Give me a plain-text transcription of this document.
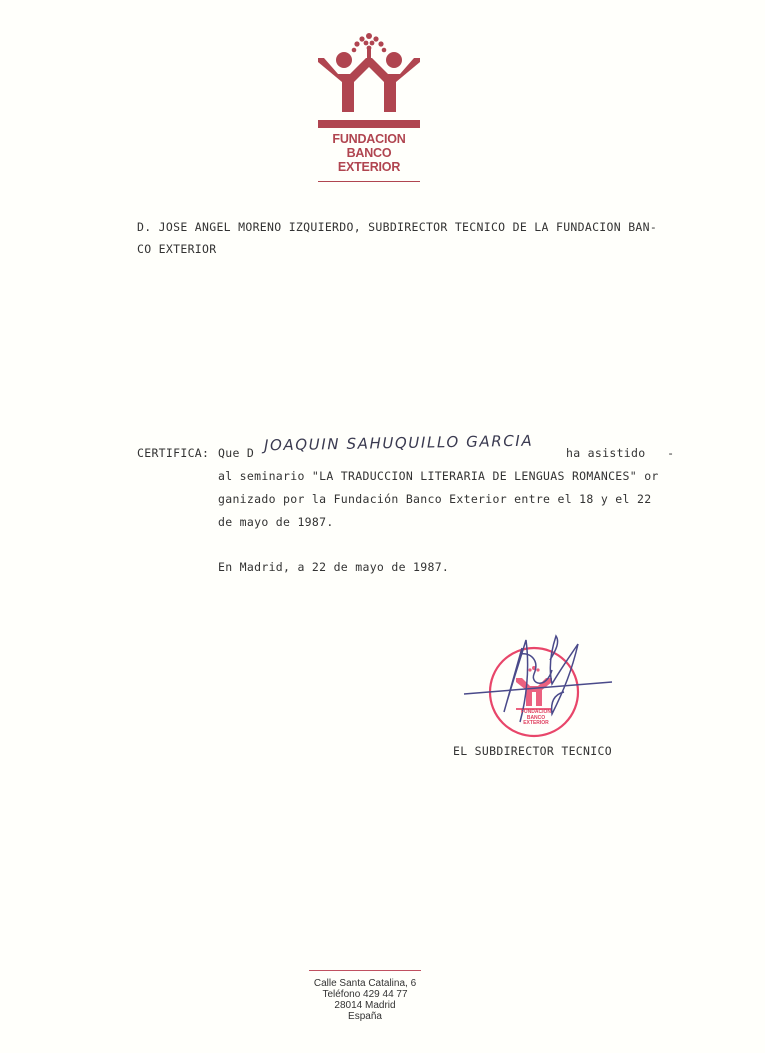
FUNDACION
BANCO
EXTERIOR
D. JOSE ANGEL MORENO IZQUIERDO, SUBDIRECTOR TECNICO DE LA FUNDACION BAN-
CO EXTERIOR
CERTIFICA: Que D JOAQUIN SAHUQUILLO GARCIA	ha asistido   -
al seminario "LA TRADUCCION LITERARIA DE LENGUAS ROMANCES" or
ganizado por la Fundación Banco Exterior entre el 18 y el 22
de mayo de 1987.
En Madrid, a 22 de mayo de 1987.
FUNDACION
BANCO
EXTERIOR
EL SUBDIRECTOR TECNICO
Calle Santa Catalina, 6
Teléfono 429 44 77
28014 Madrid
España
